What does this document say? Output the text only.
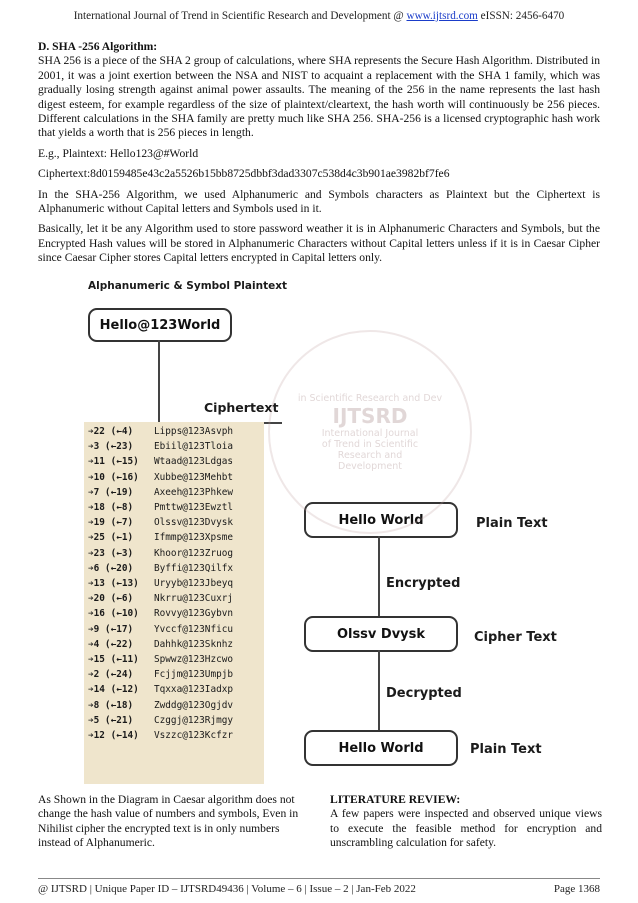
International Journal of Trend in Scientific Research and Development @ www.ijtsrd.com eISSN: 2456-6470

D. SHA -256 Algorithm:

SHA 256 is a piece of the SHA 2 group of calculations, where SHA represents the Secure Hash Algorithm. Distributed in 2001, it was a joint exertion between the NSA and NIST to acquaint a replacement with the SHA 1 family, which was gradually losing strength against animal power assaults. The meaning of the 256 in the name represents the last hash digest esteem, for example regardless of the size of plaintext/cleartext, the hash worth will continuously be 256 pieces. Different calculations in the SHA family are pretty much like SHA 256. SHA-256 is a licensed cryptographic hash work that yields a worth that is 256 pieces in length.

E.g., Plaintext: Hello123@#World

Ciphertext:8d0159485e43c2a5526b15bb8725dbbf3dad3307c538d4c3b901ae3982bf7fe6

In the SHA-256 Algorithm, we used Alphanumeric and Symbols characters as Plaintext but the Ciphertext is Alphanumeric without Capital letters and Symbols used in it.

Basically, let it be any Algorithm used to store password weather it is in Alphanumeric Characters and Symbols, but the Encrypted Hash values will be stored in Alphanumeric Characters without Capital letters unless if it is in Caesar Cipher since Caesar Cipher stores Capital letters encrypted in Capital letters only.

Alphanumeric & Symbol Plaintext
Hello@123World
Ciphertext
➔22 (←4) Lipps@123Asvph
➔3 (←23) Ebiil@123Tloia
➔11 (←15) Wtaad@123Ldgas
➔10 (←16) Xubbe@123Mehbt
➔7 (←19) Axeeh@123Phkew
➔18 (←8) Pmttw@123Ewztl
➔19 (←7) Olssv@123Dvysk
➔25 (←1) Ifmmp@123Xpsme
➔23 (←3) Khoor@123Zruog
➔6 (←20) Byffi@123Qilfx
➔13 (←13) Uryyb@123Jbeyq
➔20 (←6) Nkrru@123Cuxrj
➔16 (←10) Rovvy@123Gybvn
➔9 (←17) Yvccf@123Nficu
➔4 (←22) Dahhk@123Sknhz
➔15 (←11) Spwwz@123Hzcwo
➔2 (←24) Fcjjm@123Umpjb
➔14 (←12) Tqxxa@123Iadxp
➔8 (←18) Zwddg@123Ogjdv
➔5 (←21) Czggj@123Rjmgy
➔12 (←14) Vszzc@123Kcfzr
Hello World	Plain Text
Encrypted
Olssv Dvysk	Cipher Text
Decrypted
Hello World	Plain Text
in Scientific Research and Dev
IJTSRD
International Journal
of Trend in Scientific
Research and
Development
As Shown in the Diagram in Caesar algorithm does not change the hash value of numbers and symbols, Even in Nihilist cipher the encrypted text is in only numbers instead of Alphanumeric.
LITERATURE REVIEW:
A few papers were inspected and observed unique views to execute the feasible method for encryption and unscrambling calculation for safety.
@ IJTSRD | Unique Paper ID – IJTSRD49436 | Volume – 6 | Issue – 2 | Jan-Feb 2022	Page 1368
